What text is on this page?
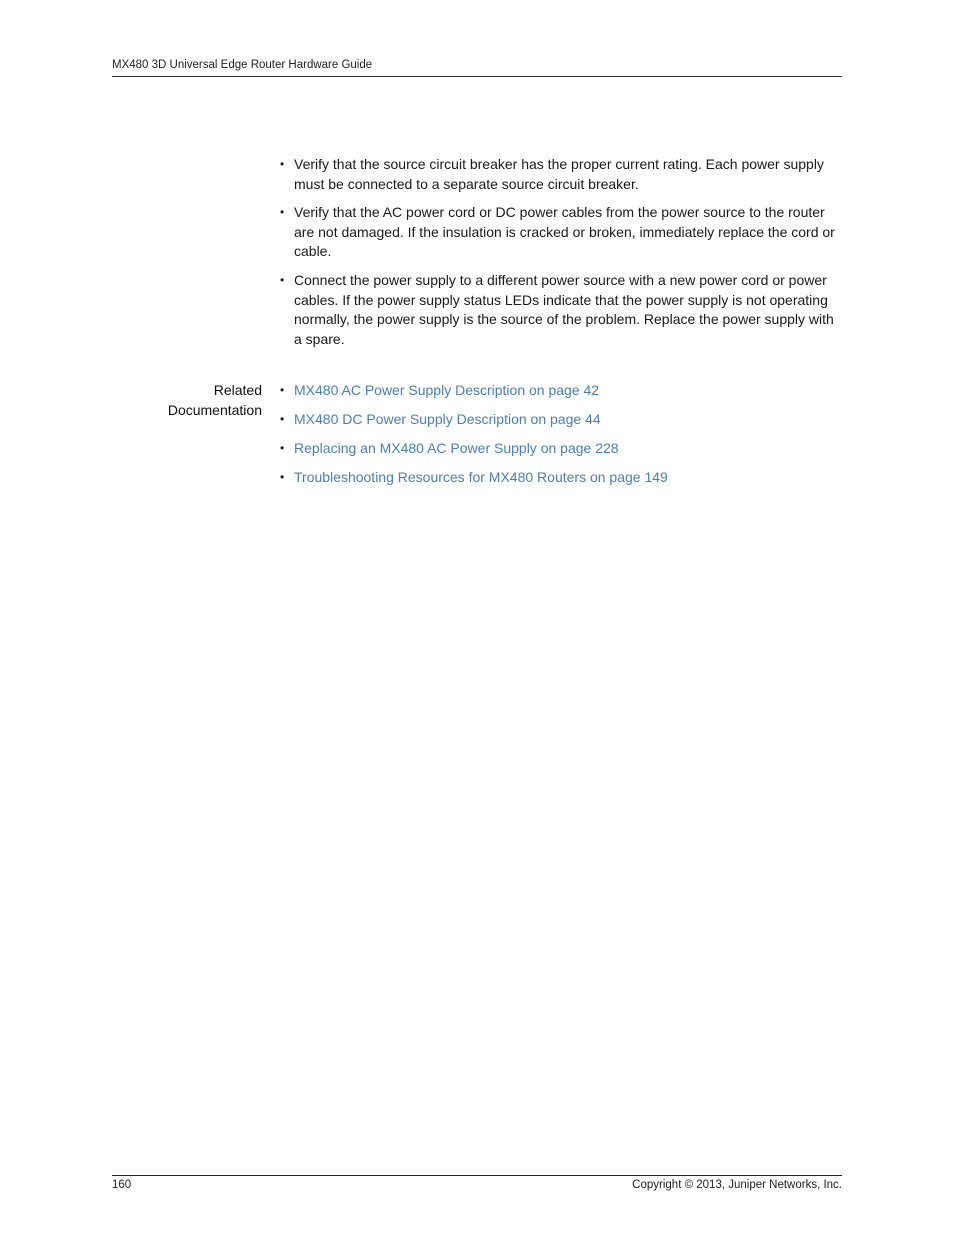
MX480 3D Universal Edge Router Hardware Guide
• Verify that the source circuit breaker has the proper current rating. Each power supply must be connected to a separate source circuit breaker.
• Verify that the AC power cord or DC power cables from the power source to the router are not damaged. If the insulation is cracked or broken, immediately replace the cord or cable.
• Connect the power supply to a different power source with a new power cord or power cables. If the power supply status LEDs indicate that the power supply is not operating normally, the power supply is the source of the problem. Replace the power supply with a spare.
Related
Documentation
• MX480 AC Power Supply Description on page 42
• MX480 DC Power Supply Description on page 44
• Replacing an MX480 AC Power Supply on page 228
• Troubleshooting Resources for MX480 Routers on page 149
160	Copyright © 2013, Juniper Networks, Inc.
